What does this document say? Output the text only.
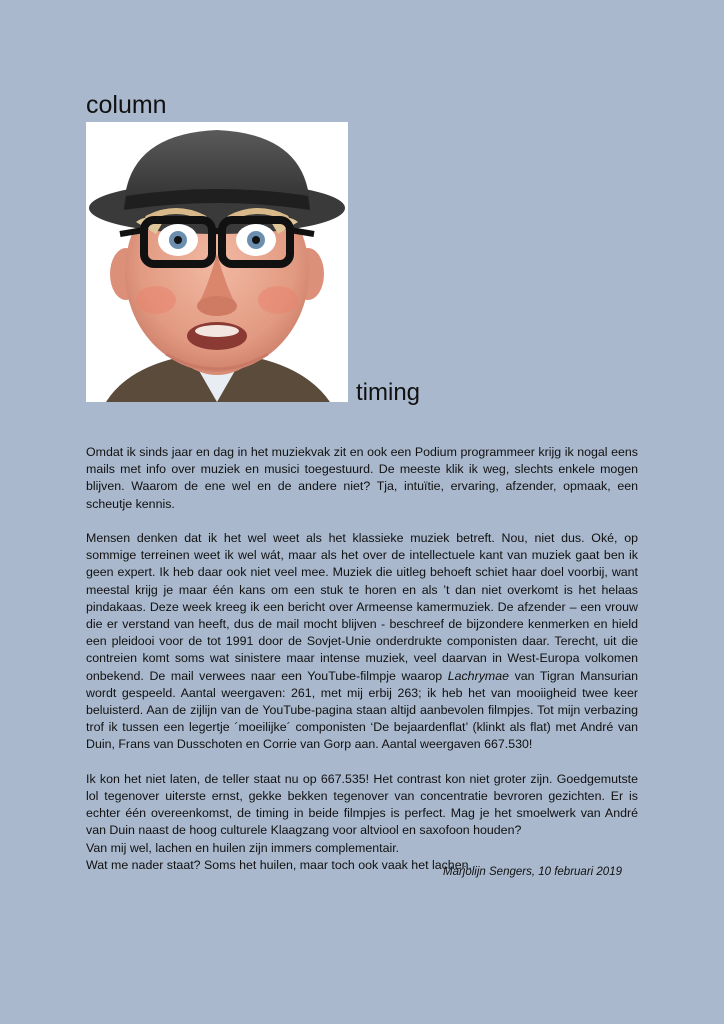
column
timing

Omdat ik sinds jaar en dag in het muziekvak zit en ook een Podium programmeer krijg ik nogal eens mails met info over muziek en musici toegestuurd. De meeste klik ik weg, slechts enkele mogen blijven. Waarom de ene wel en de andere niet? Tja, intuïtie, ervaring, afzender, opmaak, een scheutje kennis.

Mensen denken dat ik het wel weet als het klassieke muziek betreft. Nou, niet dus. Oké, op sommige terreinen weet ik wel wát, maar als het over de intellectuele kant van muziek gaat ben ik geen expert. Ik heb daar ook niet veel mee. Muziek die uitleg behoeft schiet haar doel voorbij, want meestal krijg je maar één kans om een stuk te horen en als ’t dan niet overkomt is het helaas pindakaas. Deze week kreeg ik een bericht over Armeense kamermuziek. De afzender – een vrouw die er verstand van heeft, dus de mail mocht blijven - beschreef de bijzondere kenmerken en hield een pleidooi voor de tot 1991 door de Sovjet-Unie onderdrukte componisten daar. Terecht, uit die contreien komt soms wat sinistere maar intense muziek, veel daarvan in West-Europa volkomen onbekend. De mail verwees naar een YouTube-filmpje waarop Lachrymae van Tigran Mansurian wordt gespeeld. Aantal weergaven: 261, met mij erbij 263; ik heb het van mooiigheid twee keer beluisterd. Aan de zijlijn van de YouTube-pagina staan altijd aanbevolen filmpjes. Tot mijn verbazing trof ik tussen een legertje ´moeilijke´ componisten ‘De bejaardenflat’ (klinkt als flat) met André van Duin, Frans van Dusschoten en Corrie van Gorp aan. Aantal weergaven 667.530!

Ik kon het niet laten, de teller staat nu op 667.535! Het contrast kon niet groter zijn. Goedgemutste lol tegenover uiterste ernst, gekke bekken tegenover van concentratie bevroren gezichten. Er is echter één overeenkomst, de timing in beide filmpjes is perfect. Mag je het smoelwerk van André van Duin naast de hoog culturele Klaagzang voor altviool en saxofoon houden?

Van mij wel, lachen en huilen zijn immers complementair.

Wat me nader staat? Soms het huilen, maar toch ook vaak het lachen.

Marjolijn Sengers, 10 februari 2019
